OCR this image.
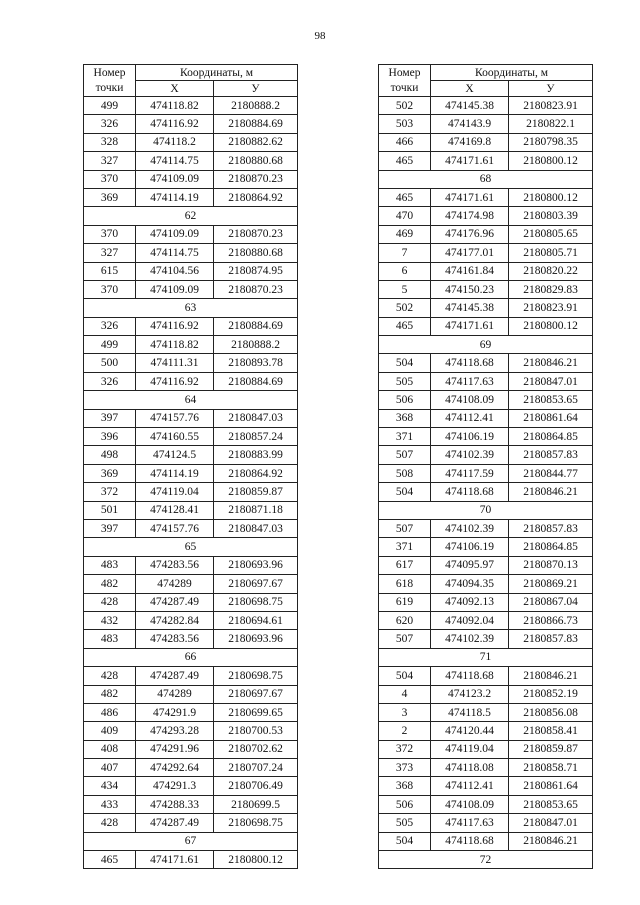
98
Номер
точки	Координаты, м	
	Х	У
499	474118.82	2180888.2
326	474116.92	2180884.69
328	474118.2	2180882.62
327	474114.75	2180880.68
370	474109.09	2180870.23
369	474114.19	2180864.92
62		
370	474109.09	2180870.23
327	474114.75	2180880.68
615	474104.56	2180874.95
370	474109.09	2180870.23
63		
326	474116.92	2180884.69
499	474118.82	2180888.2
500	474111.31	2180893.78
326	474116.92	2180884.69
64		
397	474157.76	2180847.03
396	474160.55	2180857.24
498	474124.5	2180883.99
369	474114.19	2180864.92
372	474119.04	2180859.87
501	474128.41	2180871.18
397	474157.76	2180847.03
65		
483	474283.56	2180693.96
482	474289	2180697.67
428	474287.49	2180698.75
432	474282.84	2180694.61
483	474283.56	2180693.96
66		
428	474287.49	2180698.75
482	474289	2180697.67
486	474291.9	2180699.65
409	474293.28	2180700.53
408	474291.96	2180702.62
407	474292.64	2180707.24
434	474291.3	2180706.49
433	474288.33	2180699.5
428	474287.49	2180698.75
67		
465	474171.61	2180800.12
Номер
точки	Координаты, м	
	Х	У
502	474145.38	2180823.91
503	474143.9	2180822.1
466	474169.8	2180798.35
465	474171.61	2180800.12
68		
465	474171.61	2180800.12
470	474174.98	2180803.39
469	474176.96	2180805.65
7	474177.01	2180805.71
6	474161.84	2180820.22
5	474150.23	2180829.83
502	474145.38	2180823.91
465	474171.61	2180800.12
69		
504	474118.68	2180846.21
505	474117.63	2180847.01
506	474108.09	2180853.65
368	474112.41	2180861.64
371	474106.19	2180864.85
507	474102.39	2180857.83
508	474117.59	2180844.77
504	474118.68	2180846.21
70		
507	474102.39	2180857.83
371	474106.19	2180864.85
617	474095.97	2180870.13
618	474094.35	2180869.21
619	474092.13	2180867.04
620	474092.04	2180866.73
507	474102.39	2180857.83
71		
504	474118.68	2180846.21
4	474123.2	2180852.19
3	474118.5	2180856.08
2	474120.44	2180858.41
372	474119.04	2180859.87
373	474118.08	2180858.71
368	474112.41	2180861.64
506	474108.09	2180853.65
505	474117.63	2180847.01
504	474118.68	2180846.21
72		
